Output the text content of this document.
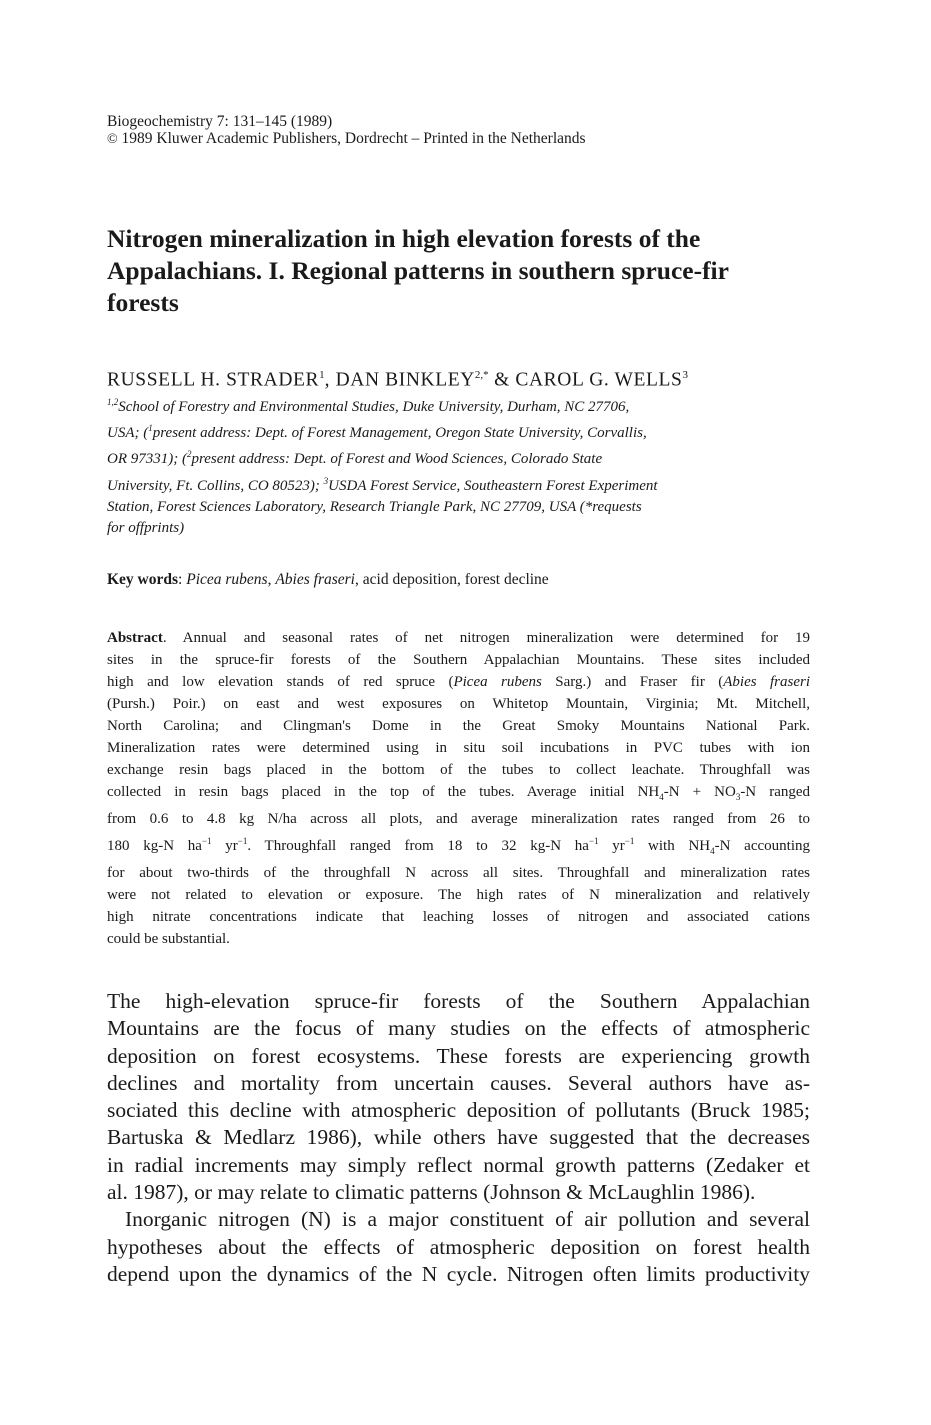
Biogeochemistry 7: 131–145 (1989)
© 1989 Kluwer Academic Publishers, Dordrecht – Printed in the Netherlands
Nitrogen mineralization in high elevation forests of the
Appalachians. I. Regional patterns in southern spruce-fir
forests
RUSSELL H. STRADER$^1$, DAN $BINKLEY^{2,*}$ & CAROL G. WELLS$^3$
$^{1,2}$School of Forestry and Environmental Studies, Duke University, Durham, NC 27706,
USA; ($^1$present address: Dept. of Forest Management, Oregon State University, Corvallis,
OR 97331); ($^2$present address: Dept. of Forest and Wood Sciences, Colorado State
University, Ft. Collins, CO 80523); $^3$USDA Forest Service, Southeastern Forest Experiment
Station, Forest Sciences Laboratory, Research Triangle Park, NC 27709, USA (*requests
for offprints)
Key words: Picea rubens, Abies fraseri, acid deposition, forest decline
Abstract. Annual and seasonal rates of net nitrogen mineralization were determined for 19
sites in the spruce-fir forests of the Southern Appalachian Mountains. These sites included
high and low elevation stands of red spruce (Picea rubens Sarg.) and Fraser fir (Abies fraseri
(Pursh.) Poir.) on east and west exposures on Whitetop Mountain, Virginia; Mt. Mitchell,
North Carolina; and Clingman's Dome in the Great Smoky Mountains National Park.
Mineralization rates were determined using in situ soil incubations in PVC tubes with ion
exchange resin bags placed in the bottom of the tubes to collect leachate. Throughfall was
collected in resin bags placed in the top of the tubes. Average initial $NH_4-N + NO_3-N$ ranged
from 0.6 to 4.8 kg N/ha across all plots, and average mineralization rates ranged from 26 to
180 kg-N $ha^{-1}$ $yr^{-1}$. Throughfall ranged from 18 to 32 kg-N $ha^{-1}$ $yr^{-1}$ with $NH_4-N$ accounting
for about two-thirds of the throughfall N across all sites. Throughfall and mineralization rates
were not related to elevation or exposure. The high rates of N mineralization and relatively
high nitrate concentrations indicate that leaching losses of nitrogen and associated cations
could be substantial.
The high-elevation spruce-fir forests of the Southern Appalachian
Mountains are the focus of many studies on the effects of atmospheric
deposition on forest ecosystems. These forests are experiencing growth
declines and mortality from uncertain causes. Several authors have as-
sociated this decline with atmospheric deposition of pollutants (Bruck 1985;
Bartuska & Medlarz 1986), while others have suggested that the decreases
in radial increments may simply reflect normal growth patterns (Zedaker et
al. 1987), or may relate to climatic patterns (Johnson & McLaughlin 1986).
Inorganic nitrogen (N) is a major constituent of air pollution and several
hypotheses about the effects of atmospheric deposition on forest health
depend upon the dynamics of the N cycle. Nitrogen often limits productivity
